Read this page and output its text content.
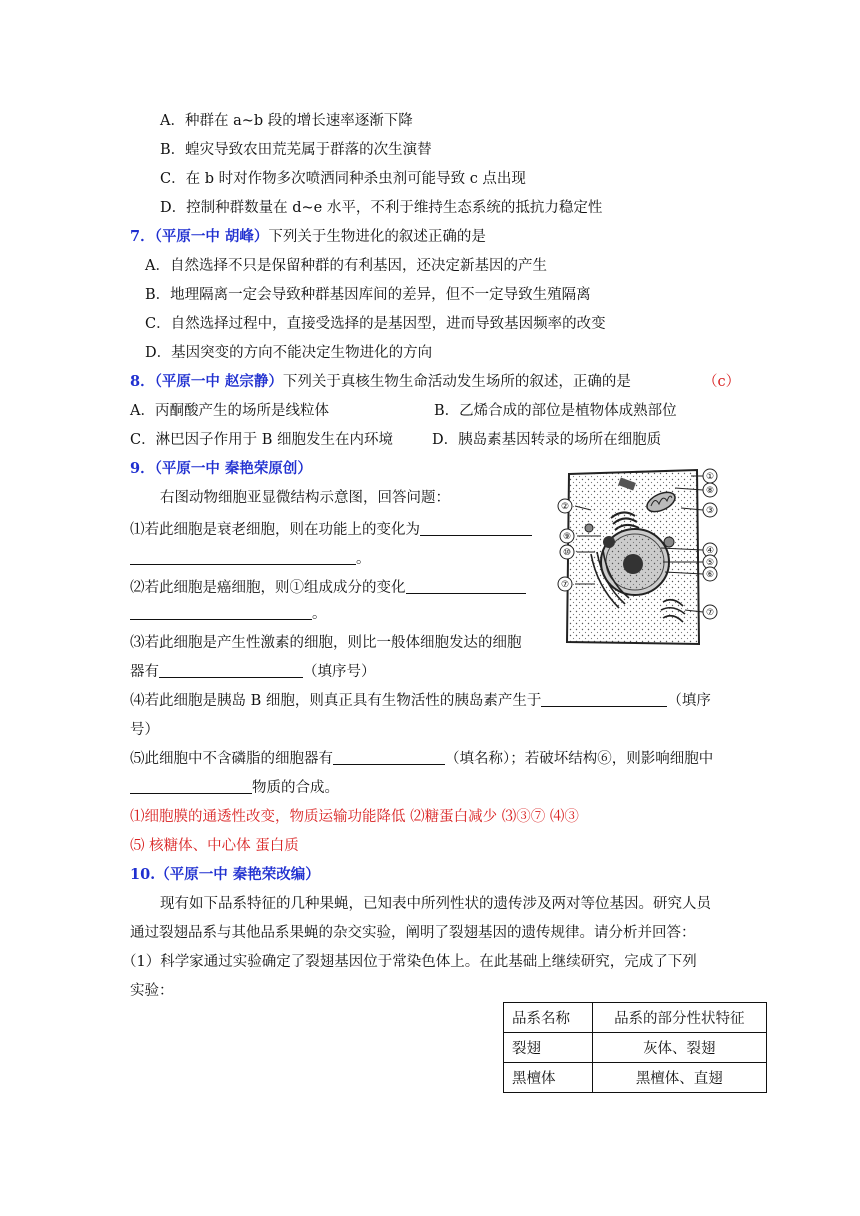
A．种群在 a~b 段的增长速率逐渐下降
B．蝗灾导致农田荒芜属于群落的次生演替
C．在 b 时对作物多次喷洒同种杀虫剂可能导致 c 点出现
D．控制种群数量在 d~e 水平，不利于维持生态系统的抵抗力稳定性
7．（平原一中 胡峰）下列关于生物进化的叙述正确的是
A．自然选择不只是保留种群的有利基因，还决定新基因的产生
B．地理隔离一定会导致种群基因库间的差异，但不一定导致生殖隔离
C．自然选择过程中，直接受选择的是基因型，进而导致基因频率的改变
D．基因突变的方向不能决定生物进化的方向
8．（平原一中 赵宗静）下列关于真核生物生命活动发生场所的叙述，正确的是	（c）
A．丙酮酸产生的场所是线粒体	B．乙烯合成的部位是植物体成熟部位
C．淋巴因子作用于 B 细胞发生在内环境	D．胰岛素基因转录的场所在细胞质
9．（平原一中 秦艳荣原创）
右图动物细胞亚显微结构示意图，回答问题：
⑴若此细胞是衰老细胞，则在功能上的变化为
。
⑵若此细胞是癌细胞，则①组成成分的变化
。
⑶若此细胞是产生性激素的细胞，则比一般体细胞发达的细胞
器有	（填序号）
⑷若此细胞是胰岛 B 细胞，则真正具有生物活性的胰岛素产生于	（填序
号）
⑸此细胞中不含磷脂的细胞器有	（填名称）；若破坏结构⑥，则影响细胞中
物质的合成。
⑴细胞膜的通透性改变，物质运输功能降低 ⑵糖蛋白减少 ⑶③⑦ ⑷③
⑸ 核糖体、中心体 蛋白质
①
⑧
③
②
⑨
⑩	④
⑤
⑥
⑦
⑦
10.（平原一中 秦艳荣改编）
现有如下品系特征的几种果蝇，已知表中所列性状的遗传涉及两对等位基因。研究人员
通过裂翅品系与其他品系果蝇的杂交实验，阐明了裂翅基因的遗传规律。请分析并回答：
（1）科学家通过实验确定了裂翅基因位于常染色体上。在此基础上继续研究，完成了下列
实验：
品系名称	品系的部分性状特征
裂翅	灰体、裂翅
黑檀体	黑檀体、直翅
